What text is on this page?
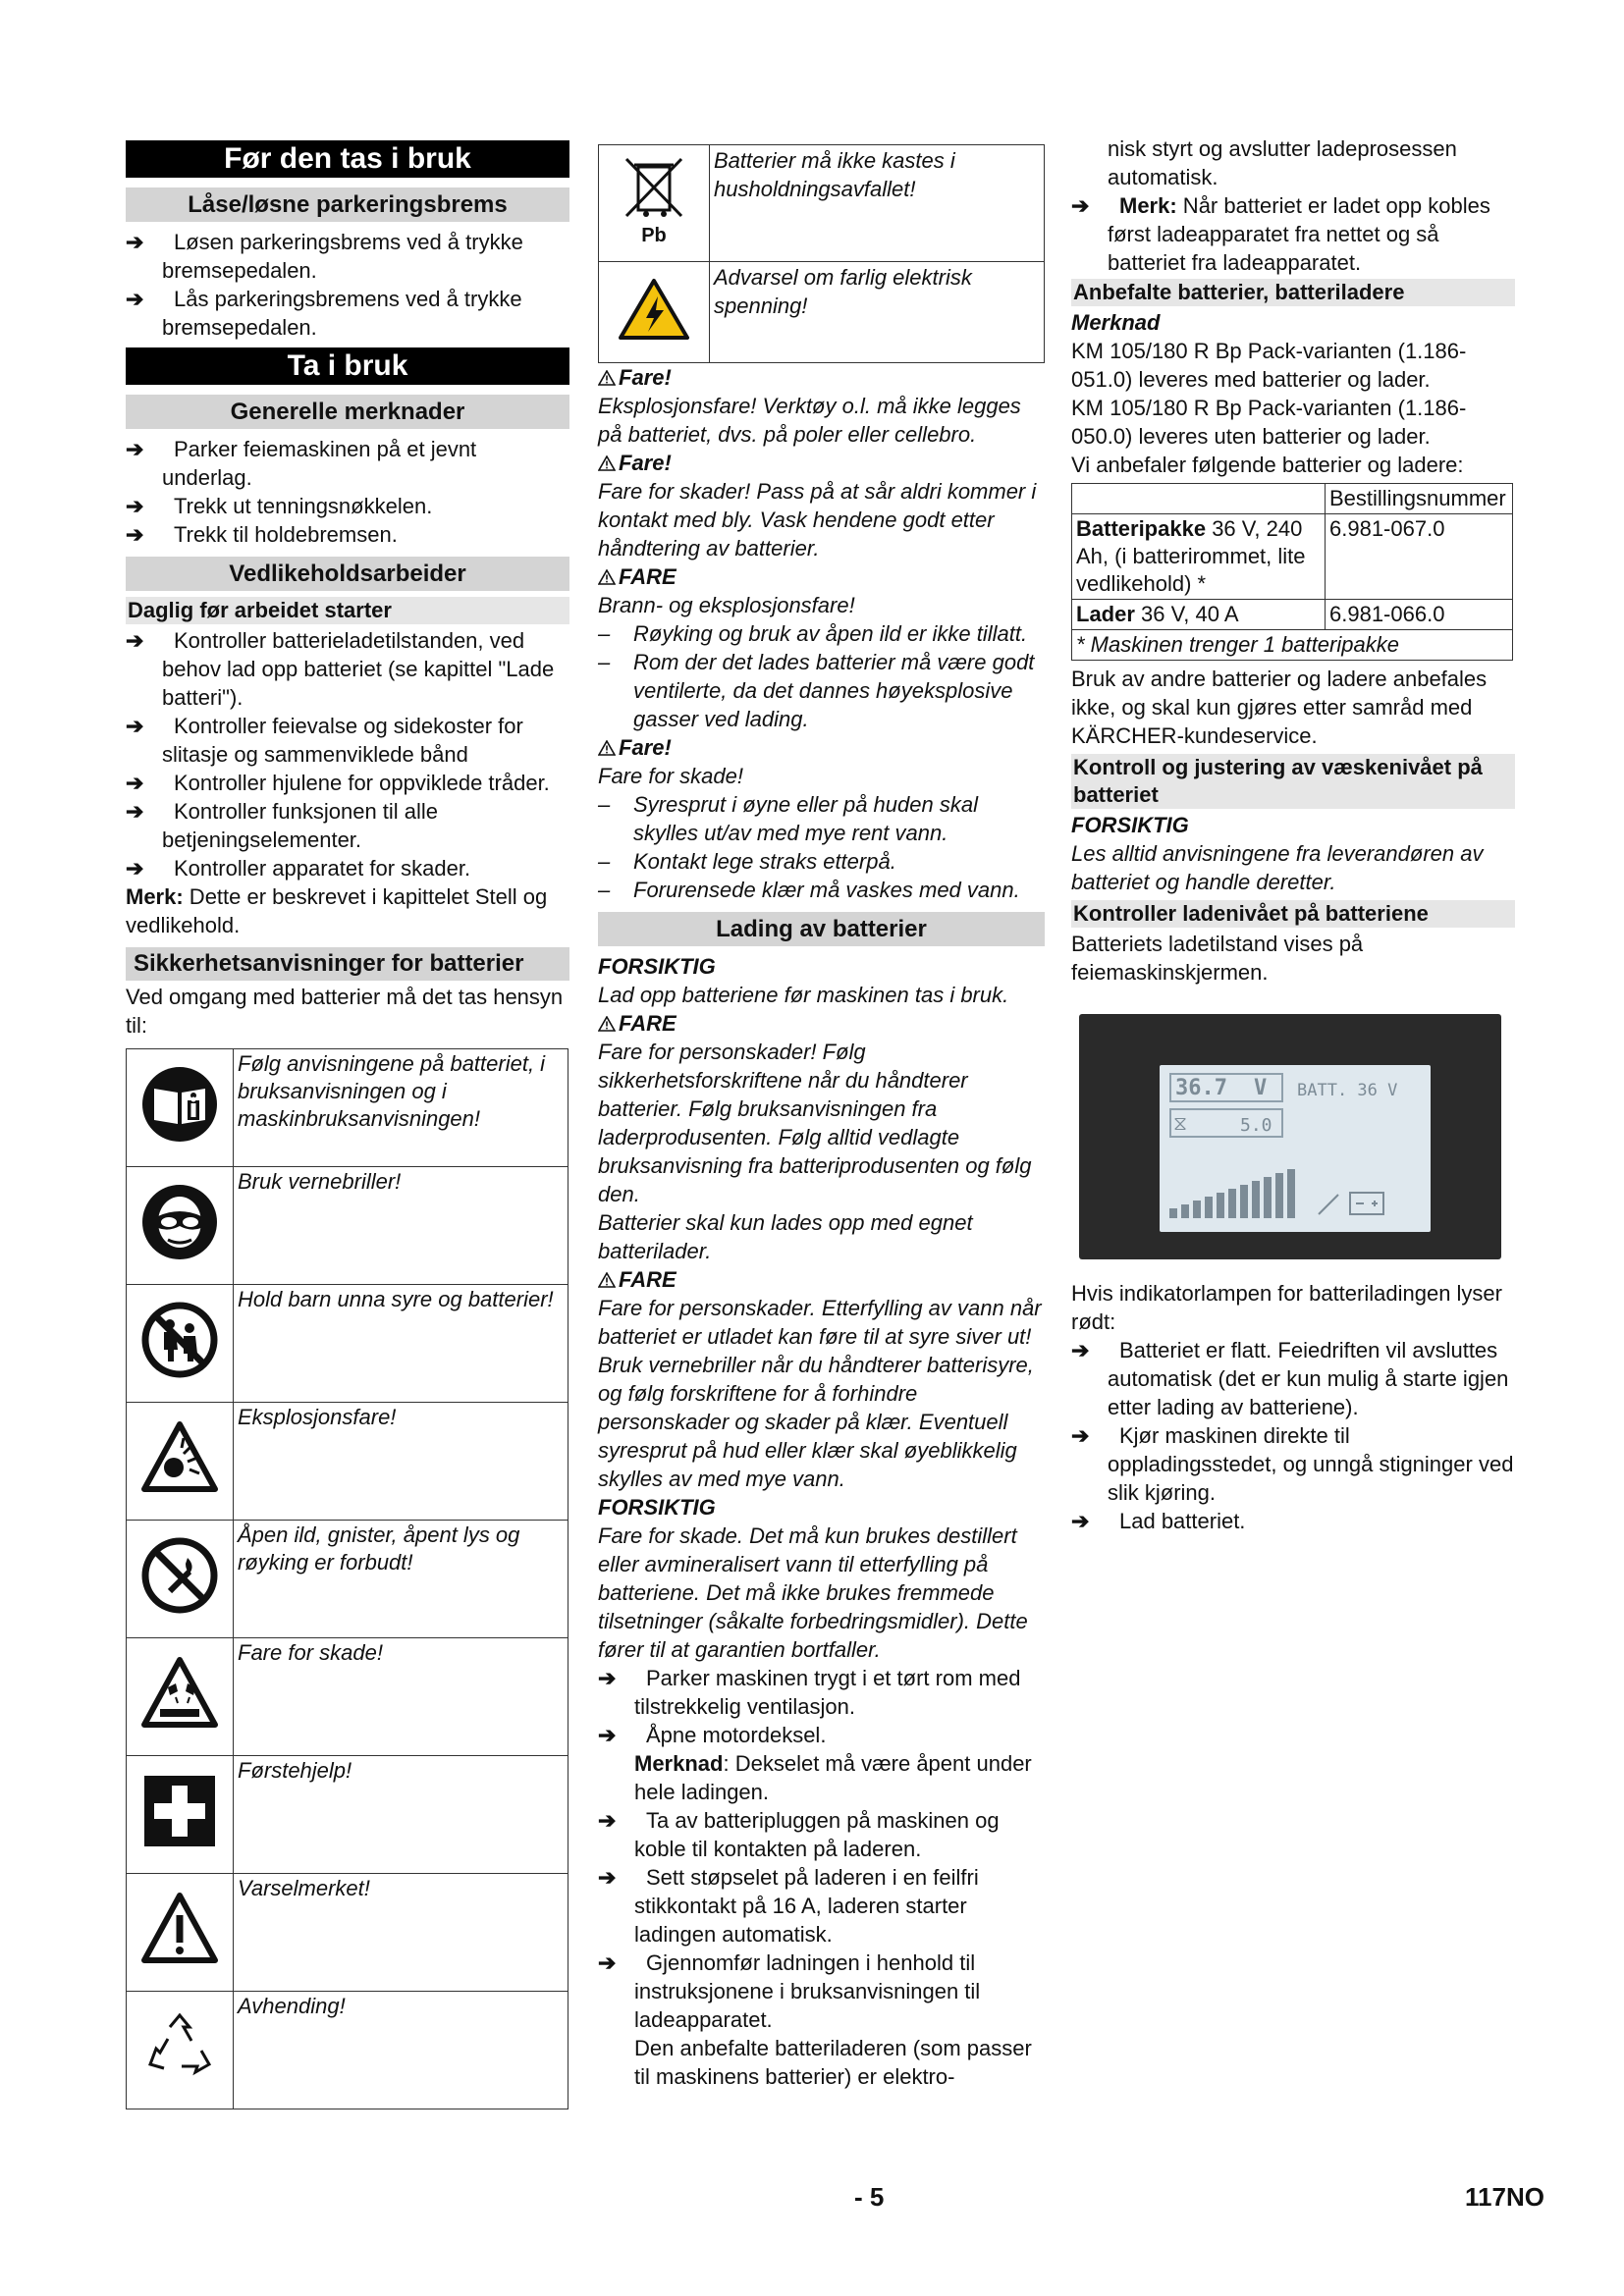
Før den tas i bruk
Låse/løsne parkeringsbrems
➔ Løsen parkeringsbrems ved å trykke bremsepedalen.
➔ Lås parkeringsbremens ved å trykke bremsepedalen.
Ta i bruk
Generelle merknader
➔ Parker feiemaskinen på et jevnt underlag.
➔ Trekk ut tenningsnøkkelen.
➔ Trekk til holdebremsen.
Vedlikeholdsarbeider
Daglig før arbeidet starter
➔ Kontroller batterieladetilstanden, ved behov lad opp batteriet (se kapittel "Lade batteri").
➔ Kontroller feievalse og sidekoster for slitasje og sammenviklede bånd
➔ Kontroller hjulene for oppviklede tråder.
➔ Kontroller funksjonen til alle betjeningselementer.
➔ Kontroller apparatet for skader.

Merk: Dette er beskrevet i kapittelet Stell og vedlikehold.

Sikkerhetsanvisninger for batterier

Ved omgang med batterier må det tas hensyn til:

	Følg anvisningene på batteriet, i bruksanvisningen og i maskinbruksanvisningen!
	Bruk vernebriller!
	Hold barn unna syre og batterier!
	Eksplosjonsfare!
	Åpen ild, gnister, åpent lys og røyking er forbudt!
	Fare for skade!
	Førstehjelp!
	Varselmerket!
	Avhending!
Pb	Batterier må ikke kastes i husholdningsavfallet!
	Advarsel om farlig elektrisk spenning!

Fare!

Eksplosjonsfare! Verktøy o.l. må ikke legges på batteriet, dvs. på poler eller cellebro.

Fare!

Fare for skader! Pass på at sår aldri kommer i kontakt med bly. Vask hendene godt etter håndtering av batterier.

FARE

Brann- og eksplosjonsfare!

– Røyking og bruk av åpen ild er ikke tillatt.
– Rom der det lades batterier må være godt ventilerte, da det dannes høyeksplosive gasser ved lading.

Fare!

Fare for skade!

– Syresprut i øyne eller på huden skal skylles ut/av med mye rent vann.
– Kontakt lege straks etterpå.
– Forurensede klær må vaskes med vann.
Lading av batterier

FORSIKTIG

Lad opp batteriene før maskinen tas i bruk.

FARE

Fare for personskader! Følg sikkerhetsforskriftene når du håndterer batterier. Følg bruksanvisningen fra laderprodusenten. Følg alltid vedlagte bruksanvisning fra batteriprodusenten og følg den.

Batterier skal kun lades opp med egnet batterilader.

FARE

Fare for personskader. Etterfylling av vann når batteriet er utladet kan føre til at syre siver ut! Bruk vernebriller når du håndterer batterisyre, og følg forskriftene for å forhindre personskader og skader på klær. Eventuell syresprut på hud eller klær skal øyeblikkelig skylles av med mye vann.

FORSIKTIG

Fare for skade. Det må kun brukes destillert eller avmineralisert vann til etterfylling på batteriene. Det må ikke brukes fremmede tilsetninger (såkalte forbedringsmidler). Dette fører til at garantien bortfaller.

➔ Parker maskinen trygt i et tørt rom med tilstrekkelig ventilasjon.
➔ Åpne motordeksel.

Merknad: Dekselet må være åpent under hele ladingen.

➔ Ta av batteripluggen på maskinen og koble til kontakten på laderen.
➔ Sett støpselet på laderen i en feilfri stikkontakt på 16 A, laderen starter ladingen automatisk.
➔ Gjennomfør ladningen i henhold til instruksjonene i bruksanvisningen til ladeapparatet.

Den anbefalte batteriladeren (som passer til maskinens batterier) er elektro-

nisk styrt og avslutter ladeprosessen automatisk.

➔ Merk: Når batteriet er ladet opp kobles først ladeapparatet fra nettet og så batteriet fra ladeapparatet.
Anbefalte batterier, batteriladere

Merknad

KM 105/180 R Bp Pack-varianten (1.186-051.0) leveres med batterier og lader.

KM 105/180 R Bp Pack-varianten (1.186-050.0) leveres uten batterier og lader.

Vi anbefaler følgende batterier og ladere:

	Bestillingsnummer
Batteripakke 36 V, 240 Ah, (i batterirommet, lite vedlikehold) *	6.981-067.0
Lader 36 V, 40 A	6.981-066.0
* Maskinen trenger 1 batteripakke	

Bruk av andre batterier og ladere anbefales ikke, og skal kun gjøres etter samråd med KÄRCHER-kundeservice.

Kontroll og justering av væskenivået på batteriet

FORSIKTIG

Les alltid anvisningene fra leverandøren av batteriet og handle deretter.

Kontroller ladenivået på batteriene

Batteriets ladetilstand vises på feiemaskinskjermen.

36.7 V BATT. 36 V
⧖	5.0

Hvis indikatorlampen for batteriladingen lyser rødt:

➔ Batteriet er flatt. Feiedriften vil avsluttes automatisk (det er kun mulig å starte igjen etter lading av batteriene).
➔ Kjør maskinen direkte til oppladingsstedet, og unngå stigninger ved slik kjøring.
➔ Lad batteriet.
- 5	117NO
